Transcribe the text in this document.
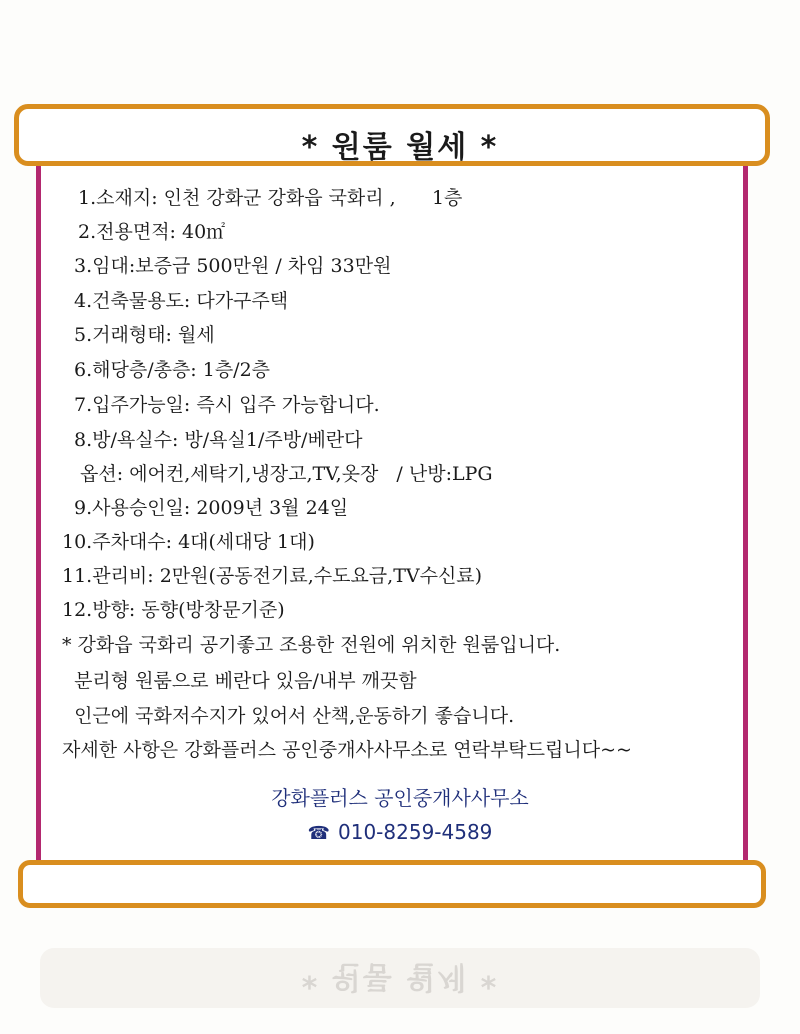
* 원룸 월세 *
* 원룸 월세 *
1.소재지: 인천 강화군 강화읍 국화리 ,      1층
2.전용면적: 40㎡
3.임대:보증금 500만원 / 차임 33만원
4.건축물용도: 다가구주택
5.거래형태: 월세
6.해당층/총층: 1층/2층
7.입주가능일: 즉시 입주 가능합니다.
8.방/욕실수: 방/욕실1/주방/베란다
옵션: 에어컨,세탁기,냉장고,TV,옷장   / 난방:LPG
9.사용승인일: 2009년 3월 24일
10.주차대수: 4대(세대당 1대)
11.관리비: 2만원(공동전기료,수도요금,TV수신료)
12.방향: 동향(방창문기준)
* 강화읍 국화리 공기좋고 조용한 전원에 위치한 원룸입니다.
분리형 원룸으로 베란다 있음/내부 깨끗함
인근에 국화저수지가 있어서 산책,운동하기 좋습니다.
자세한 사항은 강화플러스 공인중개사사무소로 연락부탁드립니다~~
강화플러스 공인중개사사무소
☎ 010-8259-4589
